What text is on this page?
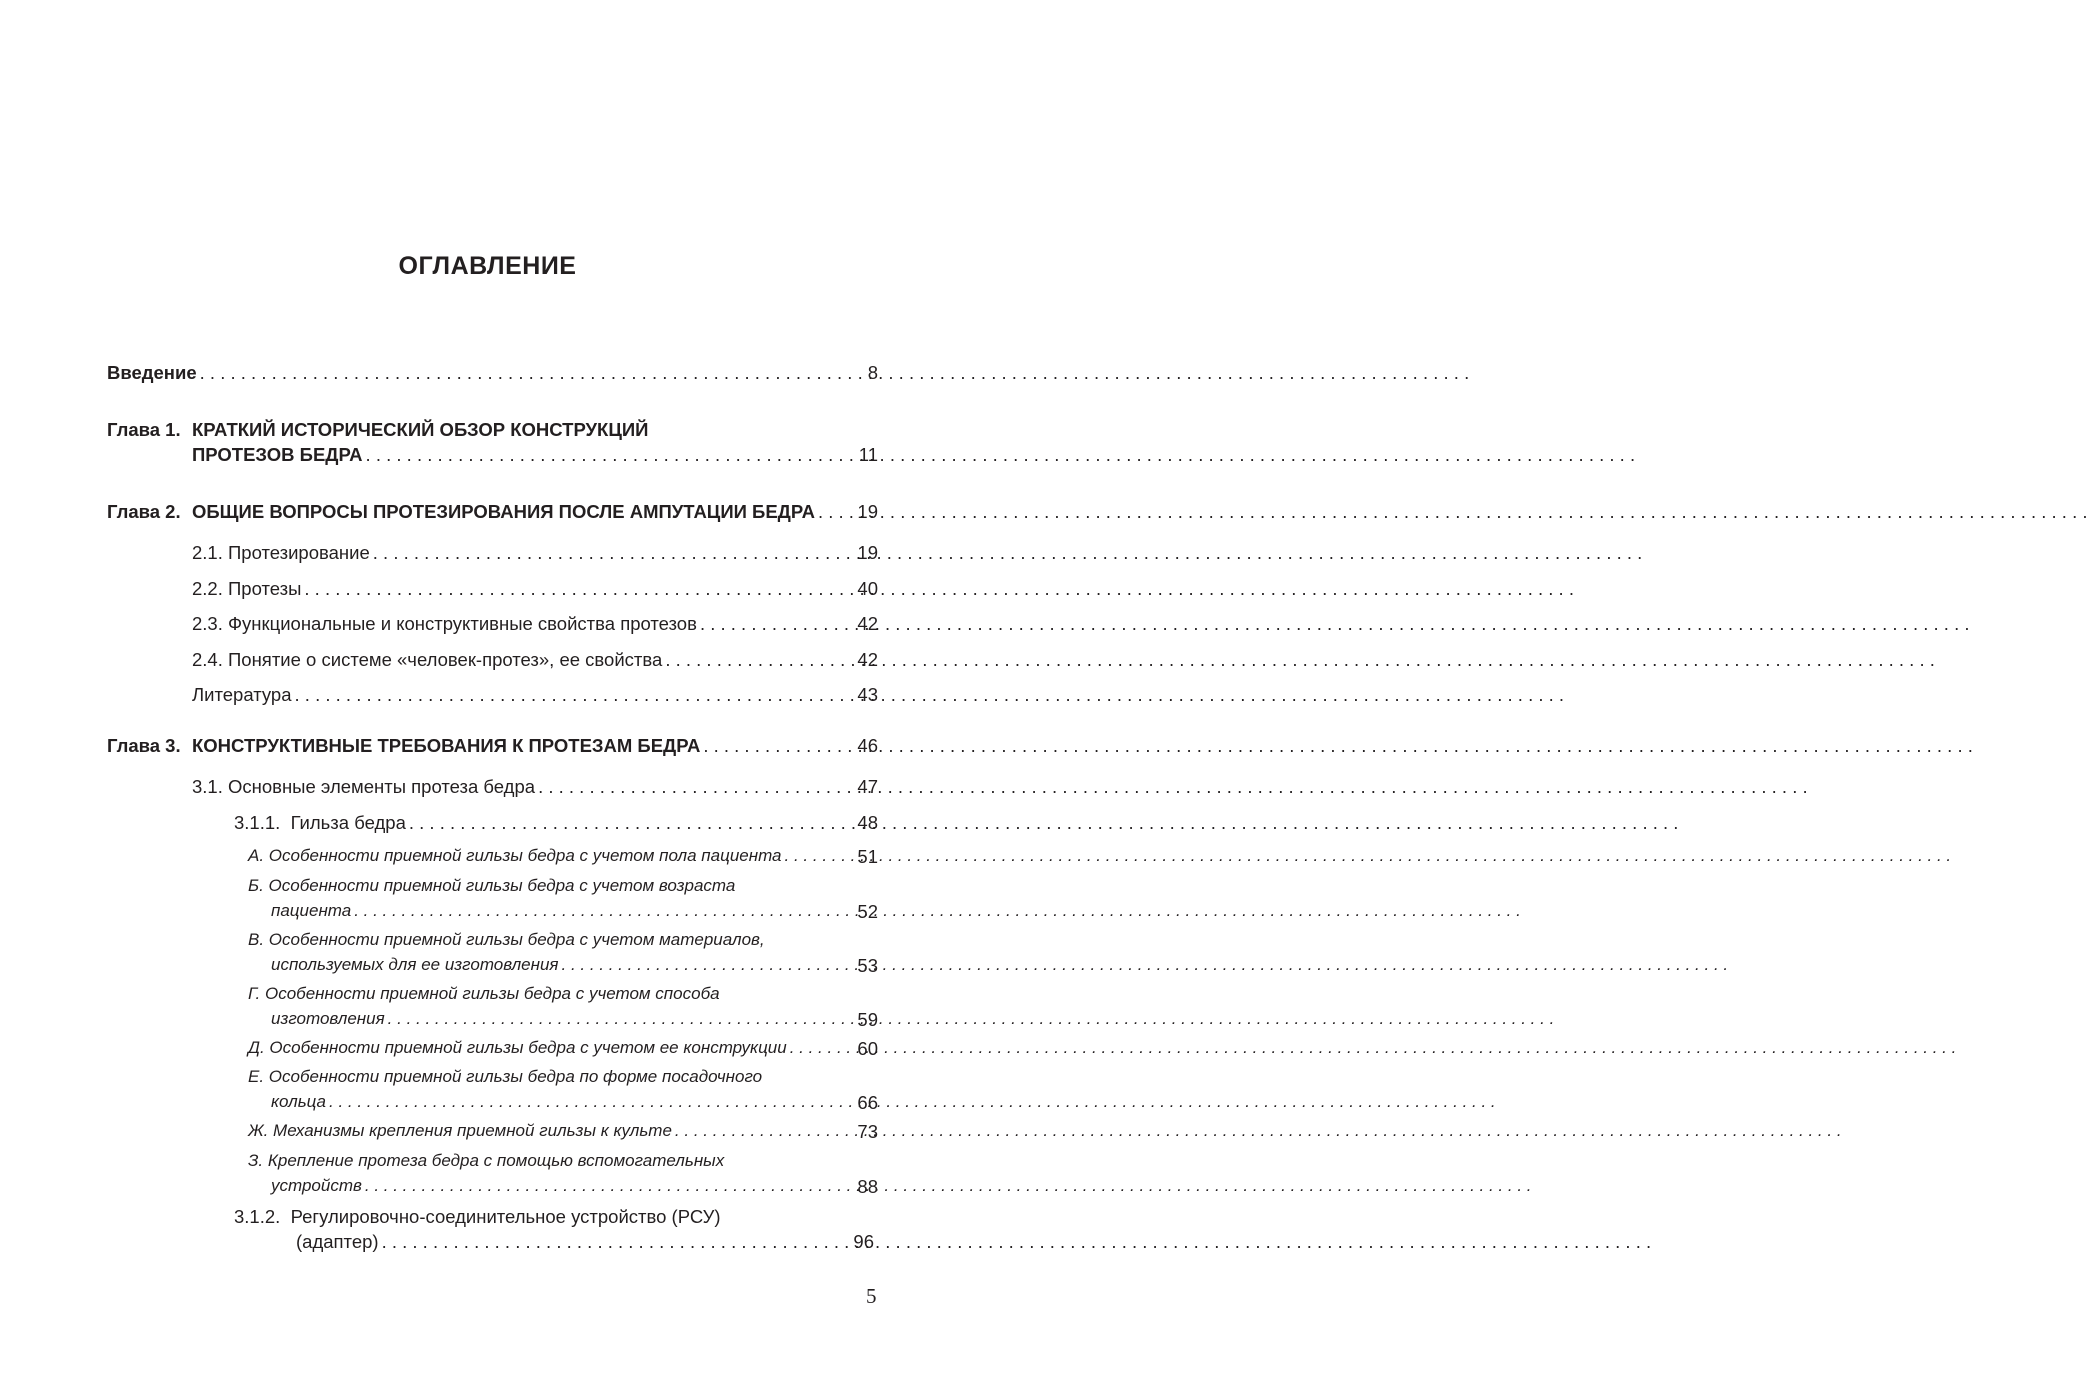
ОГЛАВЛЕНИЕ
Введение . . .	8
Глава 1. КРАТКИЙ ИСТОРИЧЕСКИЙ ОБЗОР КОНСТРУКЦИЙ
ПРОТЕЗОВ БЕДРА . . .	11
Глава 2. ОБЩИЕ ВОПРОСЫ ПРОТЕЗИРОВАНИЯ ПОСЛЕ АМПУТАЦИИ БЕДРА . . .	19
2.1. Протезирование . . .	19
2.2. Протезы . . .	40
2.3. Функциональные и конструктивные свойства протезов . . .	42
2.4. Понятие о системе «человек-протез», ее свойства . . .	42
Литература . . .	43
Глава 3. КОНСТРУКТИВНЫЕ ТРЕБОВАНИЯ К ПРОТЕЗАМ БЕДРА . . .	46
3.1. Основные элементы протеза бедра . . .	47
3.1.1.  Гильза бедра . . .	48
А. Особенности приемной гильзы бедра с учетом пола пациента . . .	51
Б. Особенности приемной гильзы бедра с учетом возраста
пациента . . .	52
В. Особенности приемной гильзы бедра с учетом материалов,
используемых для ее изготовления . . .	53
Г. Особенности приемной гильзы бедра с учетом способа
изготовления . . .	59
Д. Особенности приемной гильзы бедра с учетом ее конструкции . . .	60
Е. Особенности приемной гильзы бедра по форме посадочного
кольца . . .	66
Ж. Механизмы крепления приемной гильзы к культе . . .	73
З. Крепление протеза бедра с помощью вспомогательных
устройств . . .	88
3.1.2.  Регулировочно-соединительное устройство (РСУ)
(адаптер) . . .	96
5
